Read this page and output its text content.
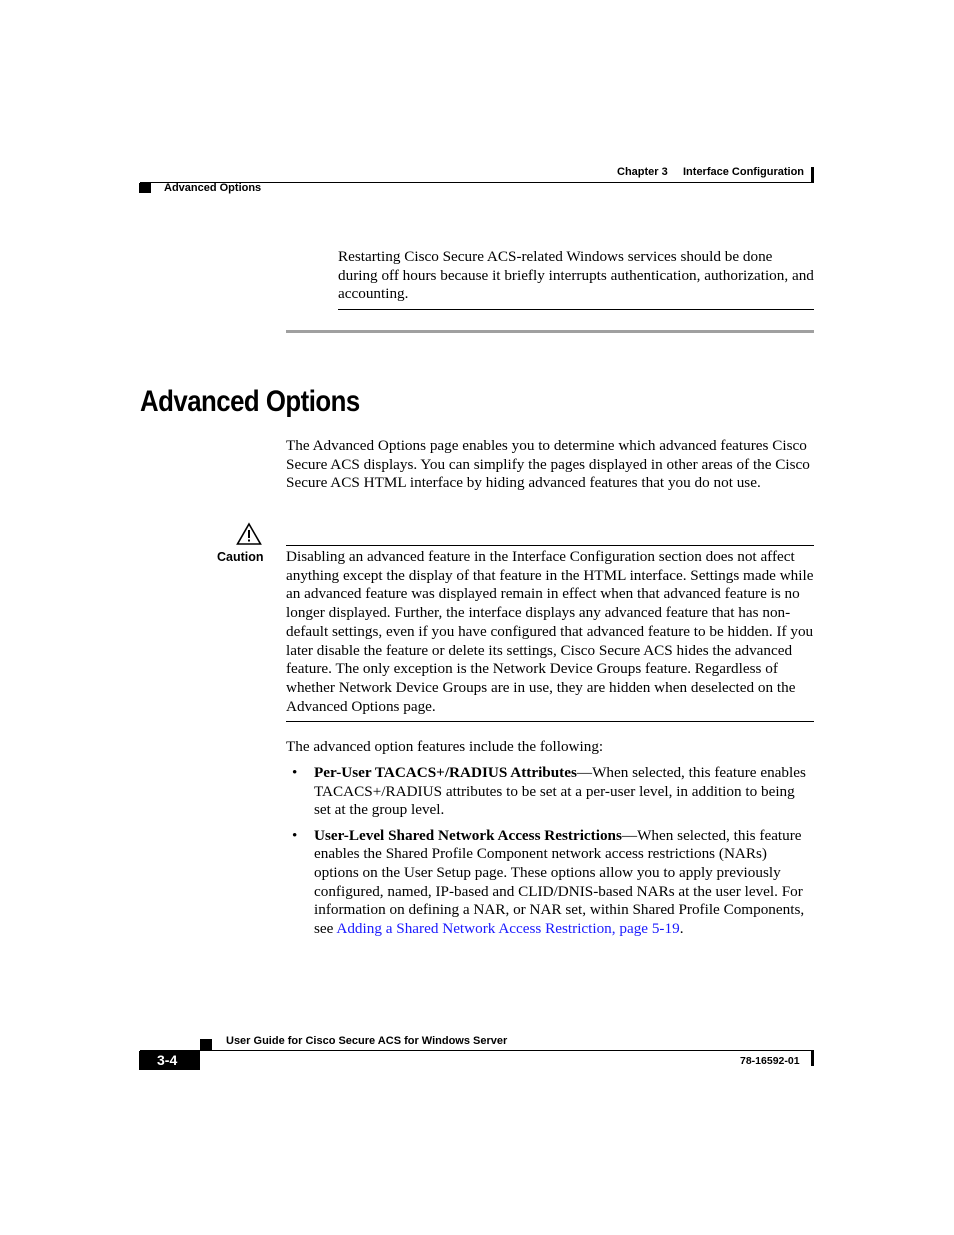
Chapter 3 Interface Configuration
Advanced Options
Restarting Cisco Secure ACS-related Windows services should be done during off hours because it briefly interrupts authentication, authorization, and accounting.
Advanced Options
The Advanced Options page enables you to determine which advanced features Cisco Secure ACS displays. You can simplify the pages displayed in other areas of the Cisco Secure ACS HTML interface by hiding advanced features that you do not use.
Caution Disabling an advanced feature in the Interface Configuration section does not affect anything except the display of that feature in the HTML interface. Settings made while an advanced feature was displayed remain in effect when that advanced feature is no longer displayed. Further, the interface displays any advanced feature that has non-default settings, even if you have configured that advanced feature to be hidden. If you later disable the feature or delete its settings, Cisco Secure ACS hides the advanced feature. The only exception is the Network Device Groups feature. Regardless of whether Network Device Groups are in use, they are hidden when deselected on the Advanced Options page.
The advanced option features include the following:
• Per-User TACACS+/RADIUS Attributes—When selected, this feature enables TACACS+/RADIUS attributes to be set at a per-user level, in addition to being set at the group level.
• User-Level Shared Network Access Restrictions—When selected, this feature enables the Shared Profile Component network access restrictions (NARs) options on the User Setup page. These options allow you to apply previously configured, named, IP-based and CLID/DNIS-based NARs at the user level. For information on defining a NAR, or NAR set, within Shared Profile Components, see Adding a Shared Network Access Restriction, page 5-19.
User Guide for Cisco Secure ACS for Windows Server
3-4	78-16592-01
